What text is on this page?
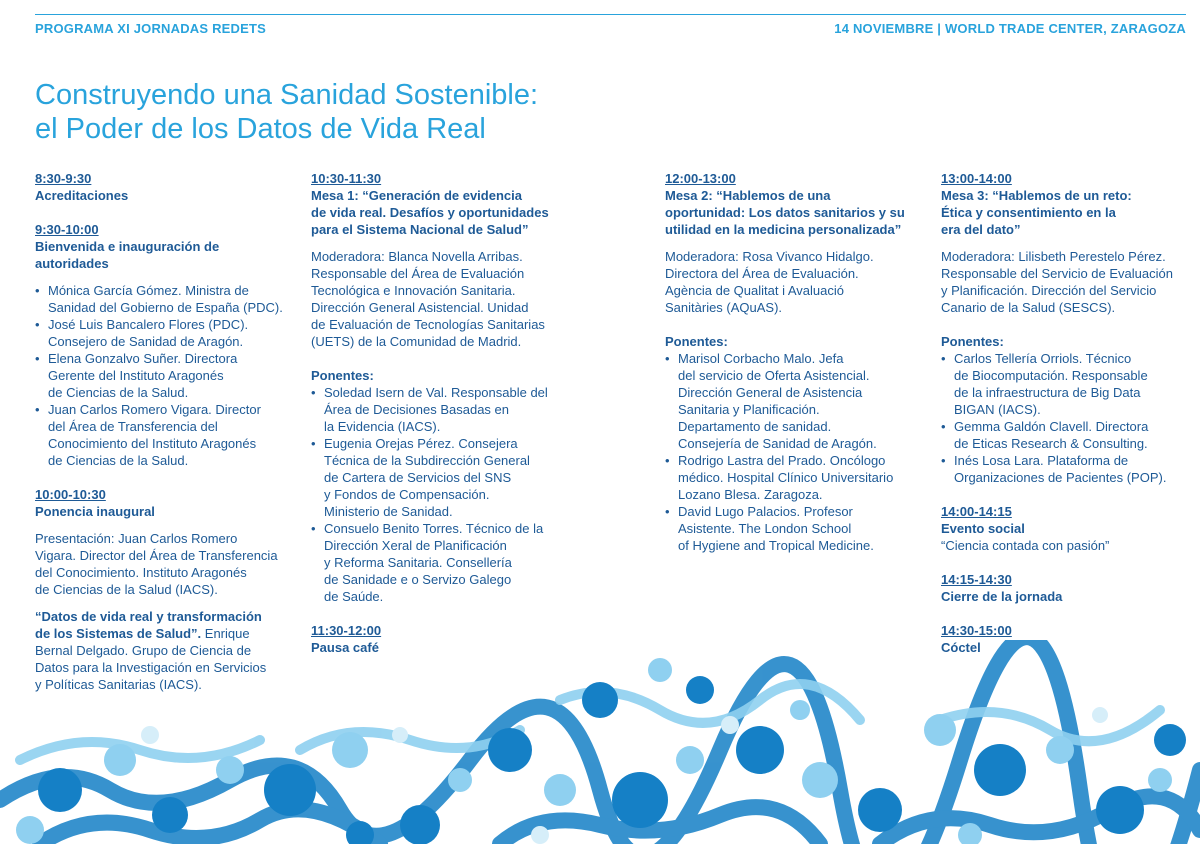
PROGRAMA XI JORNADAS REDETS	14 NOVIEMBRE | WORLD TRADE CENTER, ZARAGOZA
Construyendo una Sanidad Sostenible:
el Poder de los Datos de Vida Real
8:30-9:30
Acreditaciones
9:30-10:00
Bienvenida e inauguración de autoridades
• Mónica García Gómez. Ministra de
Sanidad del Gobierno de España (PDC).
• José Luis Bancalero Flores (PDC).
Consejero de Sanidad de Aragón.
• Elena Gonzalvo Suñer. Directora
Gerente del Instituto Aragonés
de Ciencias de la Salud.
• Juan Carlos Romero Vigara. Director
del Área de Transferencia del
Conocimiento del Instituto Aragonés
de Ciencias de la Salud.
10:00-10:30
Ponencia inaugural
Presentación: Juan Carlos Romero
Vigara. Director del Área de Transferencia
del Conocimiento. Instituto Aragonés
de Ciencias de la Salud (IACS).
“Datos de vida real y transformación
de los Sistemas de Salud”. Enrique
Bernal Delgado. Grupo de Ciencia de
Datos para la Investigación en Servicios
y Políticas Sanitarias (IACS).
10:30-11:30
Mesa 1: “Generación de evidencia
de vida real. Desafíos y oportunidades
para el Sistema Nacional de Salud”
Moderadora: Blanca Novella Arribas.
Responsable del Área de Evaluación
Tecnológica e Innovación Sanitaria.
Dirección General Asistencial. Unidad
de Evaluación de Tecnologías Sanitarias
(UETS) de la Comunidad de Madrid.
Ponentes:
• Soledad Isern de Val. Responsable del
Área de Decisiones Basadas en
la Evidencia (IACS).
• Eugenia Orejas Pérez. Consejera
Técnica de la Subdirección General
de Cartera de Servicios del SNS
y Fondos de Compensación.
Ministerio de Sanidad.
• Consuelo Benito Torres. Técnico de la
Dirección Xeral de Planificación
y Reforma Sanitaria. Consellería
de Sanidade e o Servizo Galego
de Saúde.
11:30-12:00
Pausa café
12:00-13:00
Mesa 2: “Hablemos de una
oportunidad: Los datos sanitarios y su
utilidad en la medicina personalizada”
Moderadora: Rosa Vivanco Hidalgo.
Directora del Área de Evaluación.
Agència de Qualitat i Avaluació
Sanitàries (AQuAS).
Ponentes:
• Marisol Corbacho Malo. Jefa
del servicio de Oferta Asistencial.
Dirección General de Asistencia
Sanitaria y Planificación.
Departamento de sanidad.
Consejería de Sanidad de Aragón.
• Rodrigo Lastra del Prado. Oncólogo
médico. Hospital Clínico Universitario
Lozano Blesa. Zaragoza.
• David Lugo Palacios. Profesor
Asistente. The London School
of Hygiene and Tropical Medicine.
13:00-14:00
Mesa 3: “Hablemos de un reto:
Ética y consentimiento en la
era del dato”
Moderadora: Lilisbeth Perestelo Pérez.
Responsable del Servicio de Evaluación
y Planificación. Dirección del Servicio
Canario de la Salud (SESCS).
Ponentes:
• Carlos Tellería Orriols. Técnico
de Biocomputación. Responsable
de la infraestructura de Big Data
BIGAN (IACS).
• Gemma Galdón Clavell. Directora
de Eticas Research & Consulting.
• Inés Losa Lara. Plataforma de
Organizaciones de Pacientes (POP).
14:00-14:15
Evento social
“Ciencia contada con pasión”
14:15-14:30
Cierre de la jornada
14:30-15:00
Cóctel
